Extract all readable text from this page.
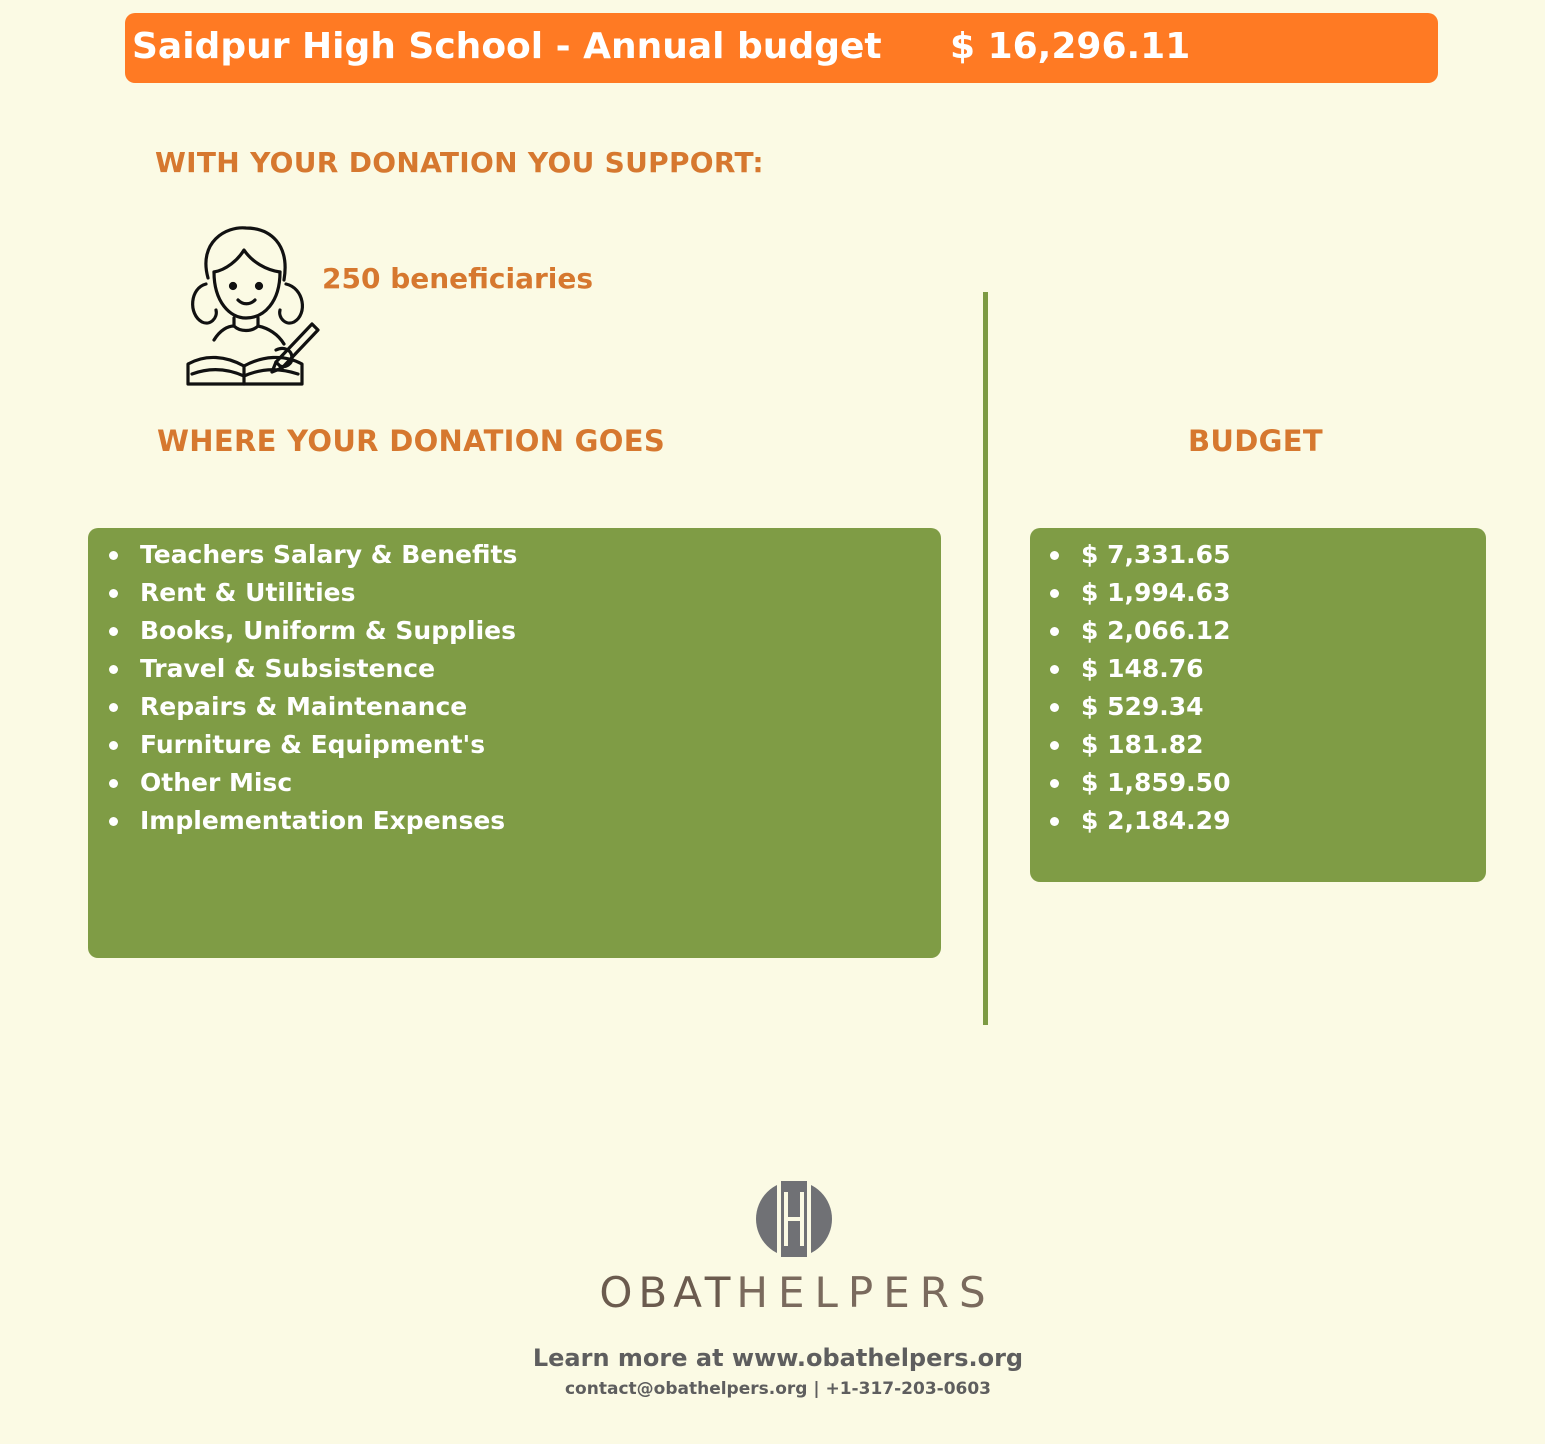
Saidpur High School - Annual budget $ 16,296.11
WITH YOUR DONATION YOU SUPPORT:
250 beneficiaries
WHERE YOUR DONATION GOES	BUDGET
Teachers Salary & Benefits
Rent & Utilities
Books, Uniform & Supplies
Travel & Subsistence
Repairs & Maintenance
Furniture & Equipment's
Other Misc
Implementation Expenses
$ 7,331.65
$ 1,994.63
$ 2,066.12
$ 148.76
$ 529.34
$ 181.82
$ 1,859.50
$ 2,184.29
OBATHELPERS
Learn more at www.obathelpers.org
contact@obathelpers.org | +1-317-203-0603
